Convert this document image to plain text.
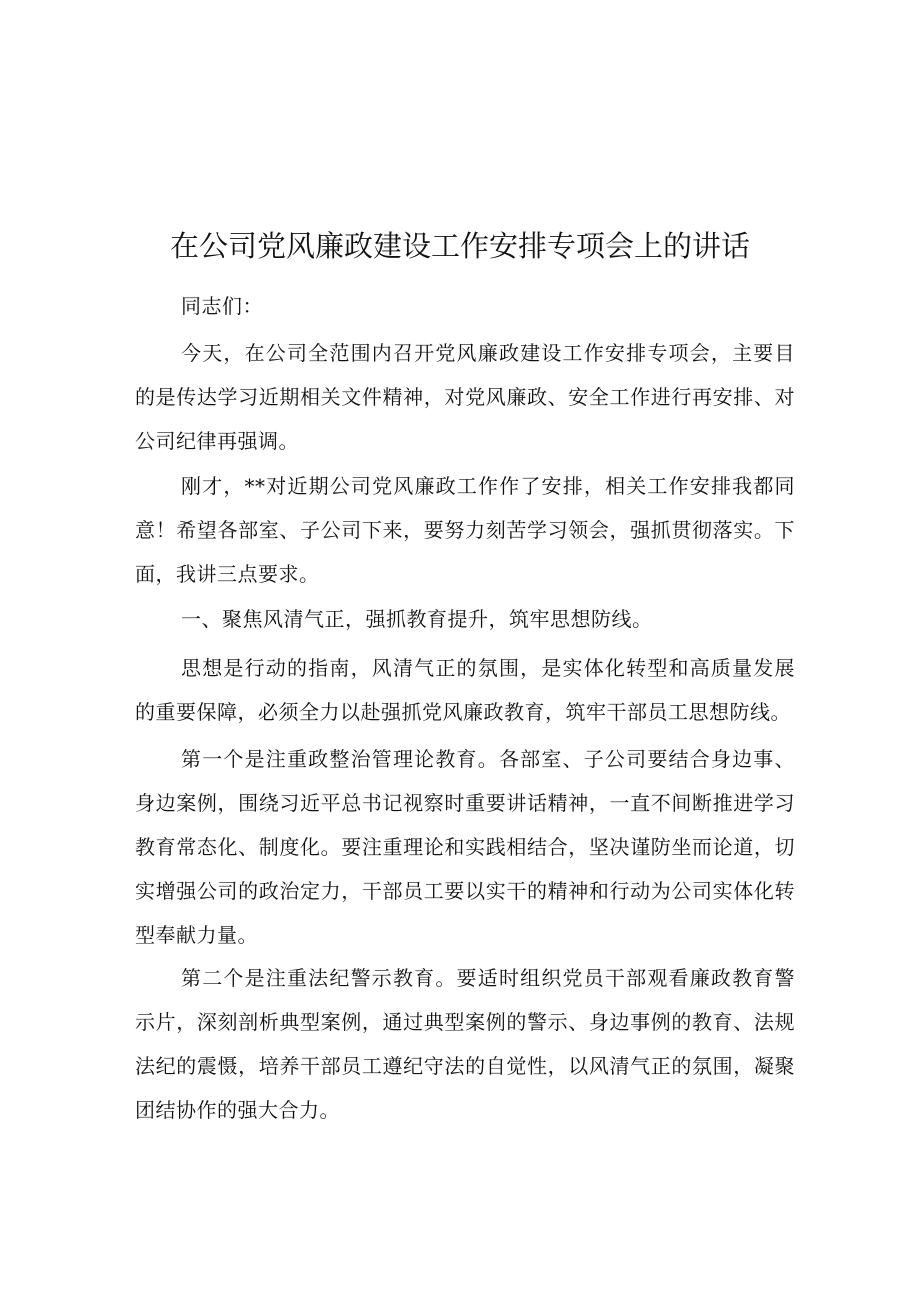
在公司党风廉政建设工作安排专项会上的讲话

同志们：

今天，在公司全范围内召开党风廉政建设工作安排专项会，主要目的是传达学习近期相关文件精神，对党风廉政、安全工作进行再安排、对公司纪律再强调。

刚才，**对近期公司党风廉政工作作了安排，相关工作安排我都同意！希望各部室、子公司下来，要努力刻苦学习领会，强抓贯彻落实。下面，我讲三点要求。

一、聚焦风清气正，强抓教育提升，筑牢思想防线。

思想是行动的指南，风清气正的氛围，是实体化转型和高质量发展的重要保障，必须全力以赴强抓党风廉政教育，筑牢干部员工思想防线。

第一个是注重政整治管理论教育。各部室、子公司要结合身边事、身边案例，围绕习近平总书记视察时重要讲话精神，一直不间断推进学习教育常态化、制度化。要注重理论和实践相结合，坚决谨防坐而论道，切实增强公司的政治定力，干部员工要以实干的精神和行动为公司实体化转型奉献力量。

第二个是注重法纪警示教育。要适时组织党员干部观看廉政教育警示片，深刻剖析典型案例，通过典型案例的警示、身边事例的教育、法规法纪的震慑，培养干部员工遵纪守法的自觉性，以风清气正的氛围，凝聚团结协作的强大合力。
